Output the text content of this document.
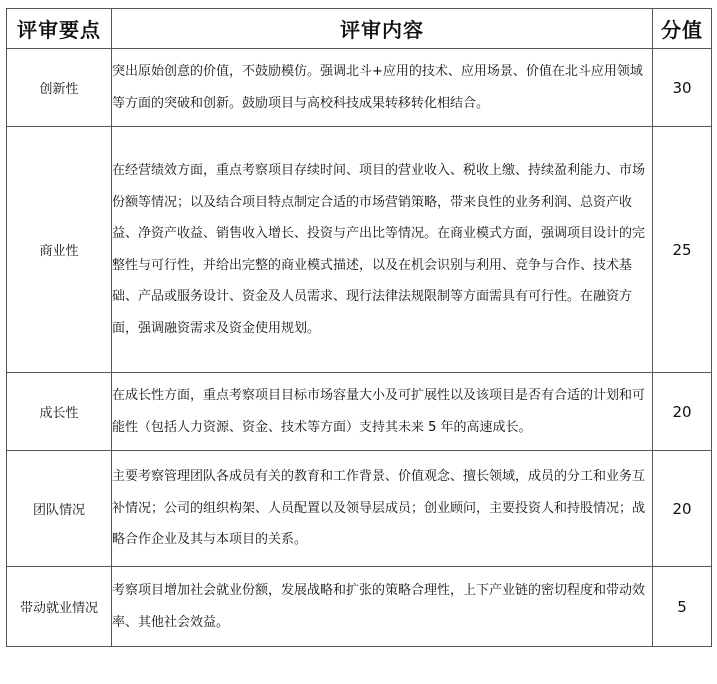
评审要点	评审内容	分值
创新性	突出原始创意的价值，不鼓励模仿。强调北斗+应用的技术、应用场景、价值在北斗应用领域等方面的突破和创新。鼓励项目与高校科技成果转移转化相结合。	30
商业性	在经营绩效方面，重点考察项目存续时间、项目的营业收入、税收上缴、持续盈利能力、市场份额等情况；以及结合项目特点制定合适的市场营销策略，带来良性的业务利润、总资产收益、净资产收益、销售收入增长、投资与产出比等情况。在商业模式方面，强调项目设计的完整性与可行性，并给出完整的商业模式描述，以及在机会识别与利用、竞争与合作、技术基础、产品或服务设计、资金及人员需求、现行法律法规限制等方面需具有可行性。在融资方面，强调融资需求及资金使用规划。	25
成长性	在成长性方面，重点考察项目目标市场容量大小及可扩展性以及该项目是否有合适的计划和可能性（包括人力资源、资金、技术等方面）支持其未来 5 年的高速成长。	20
团队情况	主要考察管理团队各成员有关的教育和工作背景、价值观念、擅长领域，成员的分工和业务互补情况；公司的组织构架、人员配置以及领导层成员；创业顾问，主要投资人和持股情况；战略合作企业及其与本项目的关系。	20
带动就业情况	考察项目增加社会就业份额，发展战略和扩张的策略合理性，上下产业链的密切程度和带动效率、其他社会效益。	5
